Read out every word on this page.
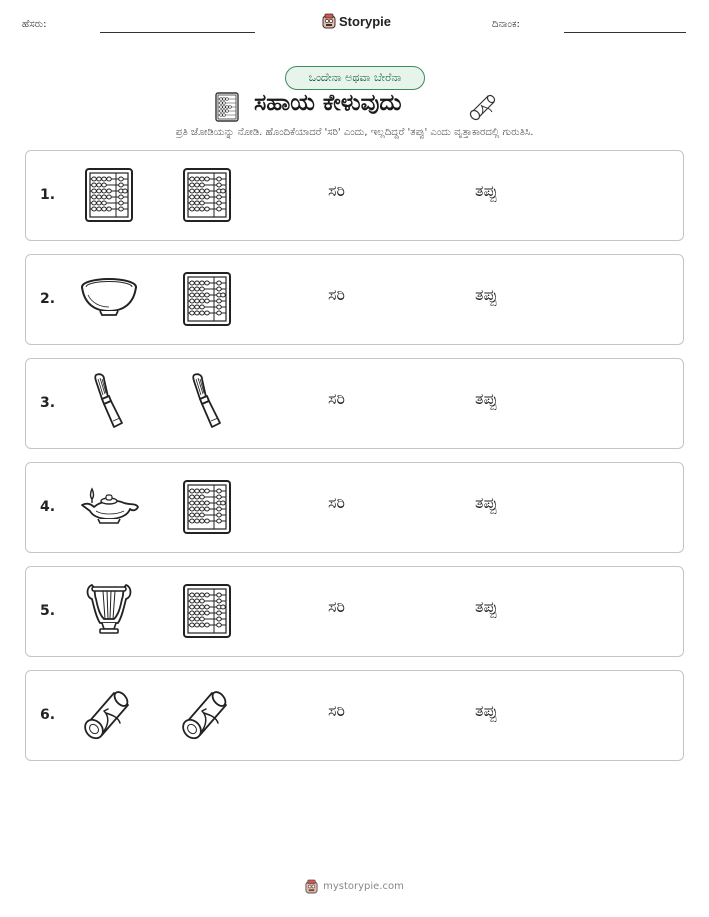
ಹೆಸರು:	Storypie	ದಿನಾಂಕ:
ಒಂದೇನಾ ಅಥವಾ ಬೇರೆನಾ
ಸಹಾಯ ಕೇಳುವುದು
ಪ್ರತಿ ಜೋಡಿಯನ್ನು ನೋಡಿ. ಹೊಂದಿಕೆಯಾದರೆ 'ಸರಿ' ಎಂದು, ಇಲ್ಲದಿದ್ದರೆ 'ತಪ್ಪು' ಎಂದು ವೃತ್ತಾಕಾರದಲ್ಲಿ ಗುರುತಿಸಿ.
1.	ಸರಿ	ತಪ್ಪು
2.	ಸರಿ	ತಪ್ಪು
3.	ಸರಿ	ತಪ್ಪು
4.	ಸರಿ	ತಪ್ಪು
5.	ಸರಿ	ತಪ್ಪು
6.	ಸರಿ	ತಪ್ಪು
mystorypie.com
